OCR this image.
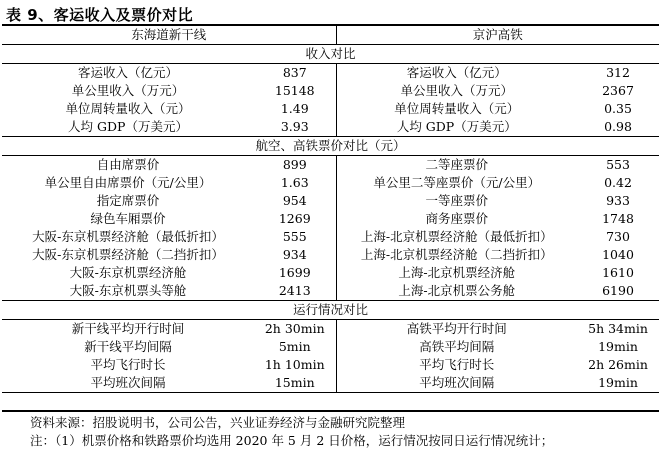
表 9、客运收入及票价对比
东海道新干线		京沪高铁	
收入对比			
客运收入（亿元）	837	客运收入（亿元）	312
单公里收入（万元）	15148	单公里收入（万元）	2367
单位周转量收入（元）	1.49	单位周转量收入（元）	0.35
人均 GDP（万美元）	3.93	人均 GDP（万美元）	0.98
航空、高铁票价对比（元）			
自由席票价	899	二等座票价	553
单公里自由席票价（元/公里）	1.63	单公里二等座票价（元/公里）	0.42
指定席票价	954	一等座票价	933
绿色车厢票价	1269	商务座票价	1748
大阪-东京机票经济舱（最低折扣）	555	上海-北京机票经济舱（最低折扣）	730
大阪-东京机票经济舱（二挡折扣）	934	上海-北京机票经济舱（二挡折扣）	1040
大阪-东京机票经济舱	1699	上海-北京机票经济舱	1610
大阪-东京机票头等舱	2413	上海-北京机票公务舱	6190
运行情况对比			
新干线平均开行时间	2h 30min	高铁平均开行时间	5h 34min
新干线平均间隔	5min	高铁平均间隔	19min
平均飞行时长	1h 10min	平均飞行时长	2h 26min
平均班次间隔	15min	平均班次间隔	19min
资料来源：招股说明书，公司公告，兴业证券经济与金融研究院整理
注：（1）机票价格和铁路票价均选用 2020 年 5 月 2 日价格，运行情况按同日运行情况统计；
